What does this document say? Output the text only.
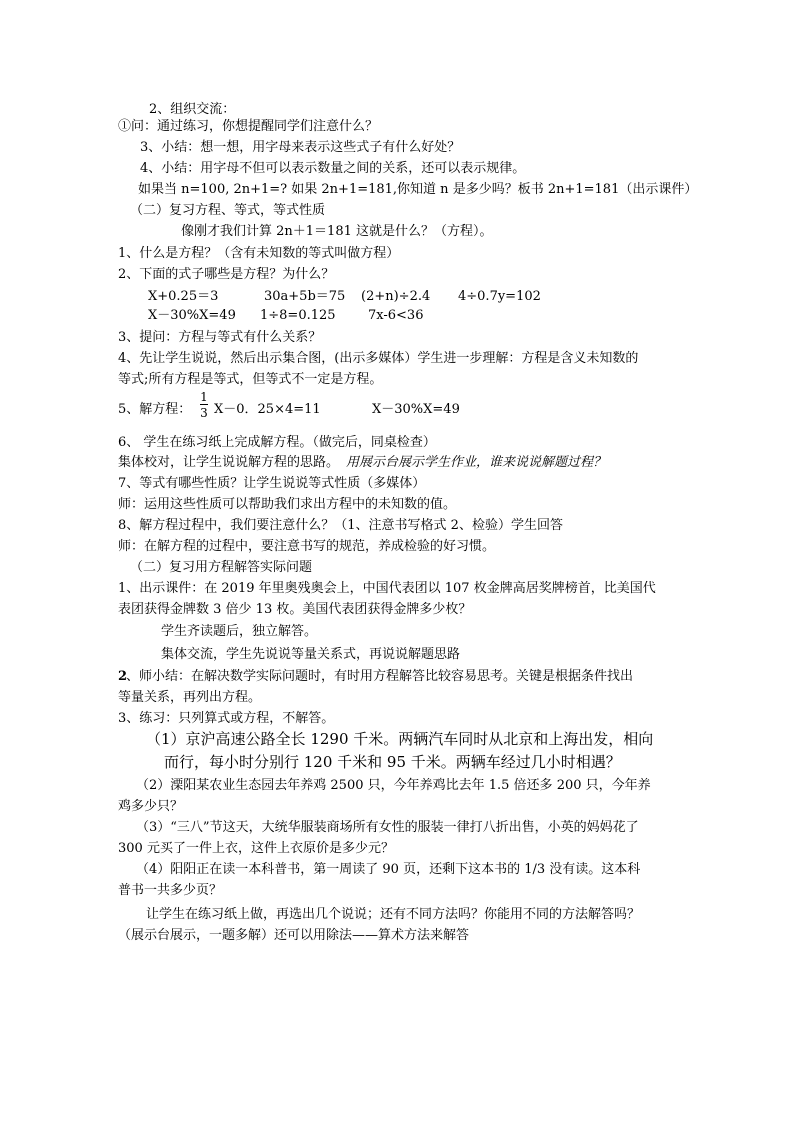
2、组织交流：
①问：通过练习，你想提醒同学们注意什么？
3、小结：想一想，用字母来表示这些式子有什么好处？
4、小结：用字母不但可以表示数量之间的关系，还可以表示规律。
如果当 n=100, 2n+1=? 如果 2n+1=181,你知道 n 是多少吗？板书 2n+1=181（出示课件）
（二）复习方程、等式，等式性质
像刚才我们计算 2n＋1＝181 这就是什么？（方程）。
1、什么是方程？（含有未知数的等式叫做方程）
2、下面的式子哪些是方程？为什么？
X+0.25＝3	30a+5b＝75 (2+n)÷2.4 4÷0.7y=102
X－30%X=49 1÷8=0.125 7x-6<36
3、提问：方程与等式有什么关系？
4、先让学生说说，然后出示集合图，(出示多媒体）学生进一步理解：方程是含义未知数的
等式;所有方程是等式，但等式不一定是方程。
5、解方程：
1
3 X－0．25×4=11	X－30%X=49
6、 学生在练习纸上完成解方程。（做完后，同桌检查）
集体校对，让学生说说解方程的思路。 用展示台展示学生作业，谁来说说解题过程？
7、等式有哪些性质？让学生说说等式性质（多媒体）
师：运用这些性质可以帮助我们求出方程中的未知数的值。
8、解方程过程中，我们要注意什么？（1、注意书写格式 2、检验）学生回答
师：在解方程的过程中，要注意书写的规范，养成检验的好习惯。
（二）复习用方程解答实际问题
1、出示课件：在 2019 年里奥残奥会上，中国代表团以 107 枚金牌高居奖牌榜首，比美国代
表团获得金牌数 3 倍少 13 枚。美国代表团获得金牌多少枚？
学生齐读题后，独立解答。
集体交流，学生先说说等量关系式，再说说解题思路
2
、师小结：在解决数学实际问题时，有时用方程解答比较容易思考。关键是根据条件找出
等量关系，再列出方程。
3、练习：只列算式或方程，不解答。
（1）京沪高速公路全长 1290 千米。两辆汽车同时从北京和上海出发，相向
而行，每小时分别行 120 千米和 95 千米。两辆车经过几小时相遇？
（2）溧阳某农业生态园去年养鸡 2500 只，今年养鸡比去年 1.5 倍还多 200 只，今年养
鸡多少只？
（3）“三八”节这天，大统华服装商场所有女性的服装一律打八折出售，小英的妈妈花了
300 元买了一件上衣，这件上衣原价是多少元？
（4）阳阳正在读一本科普书，第一周读了 90 页，还剩下这本书的 1/3 没有读。这本科
普书一共多少页？
让学生在练习纸上做，再选出几个说说；还有不同方法吗？你能用不同的方法解答吗？
（展示台展示，一题多解）还可以用除法——算术方法来解答
